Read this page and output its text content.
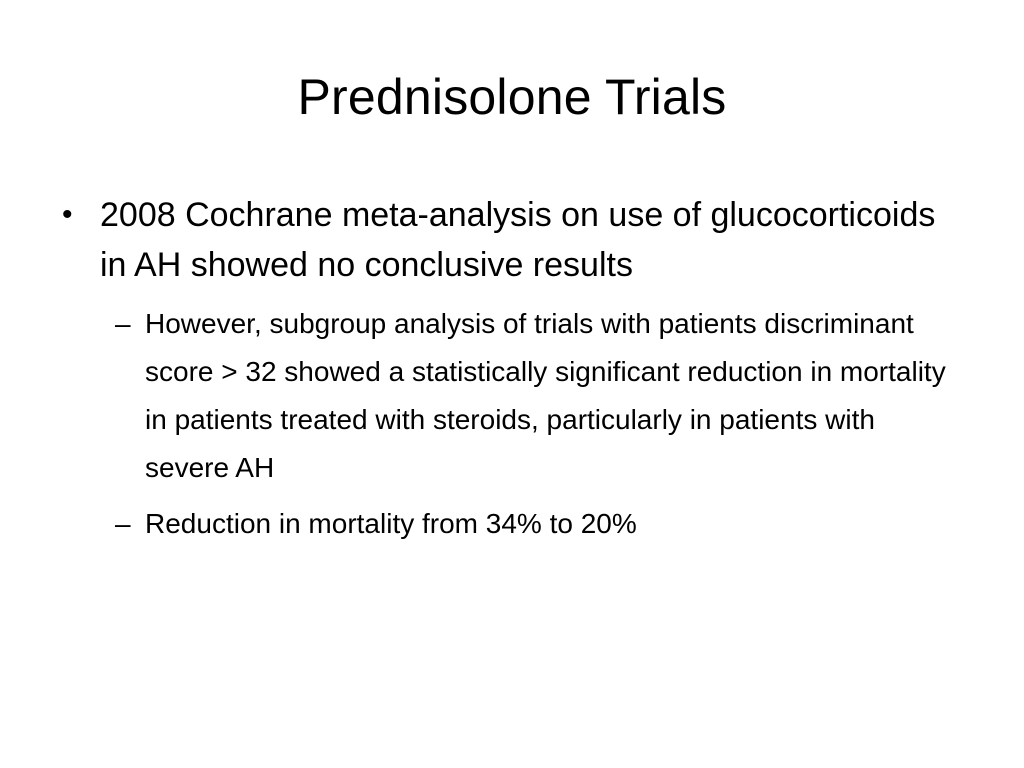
Prednisolone Trials
• 2008 Cochrane meta-analysis on use of glucocorticoids in AH showed no conclusive results
– However, subgroup analysis of trials with patients discriminant score > 32 showed a statistically significant reduction in mortality in patients treated with steroids, particularly in patients with severe AH
– Reduction in mortality from 34% to 20%
